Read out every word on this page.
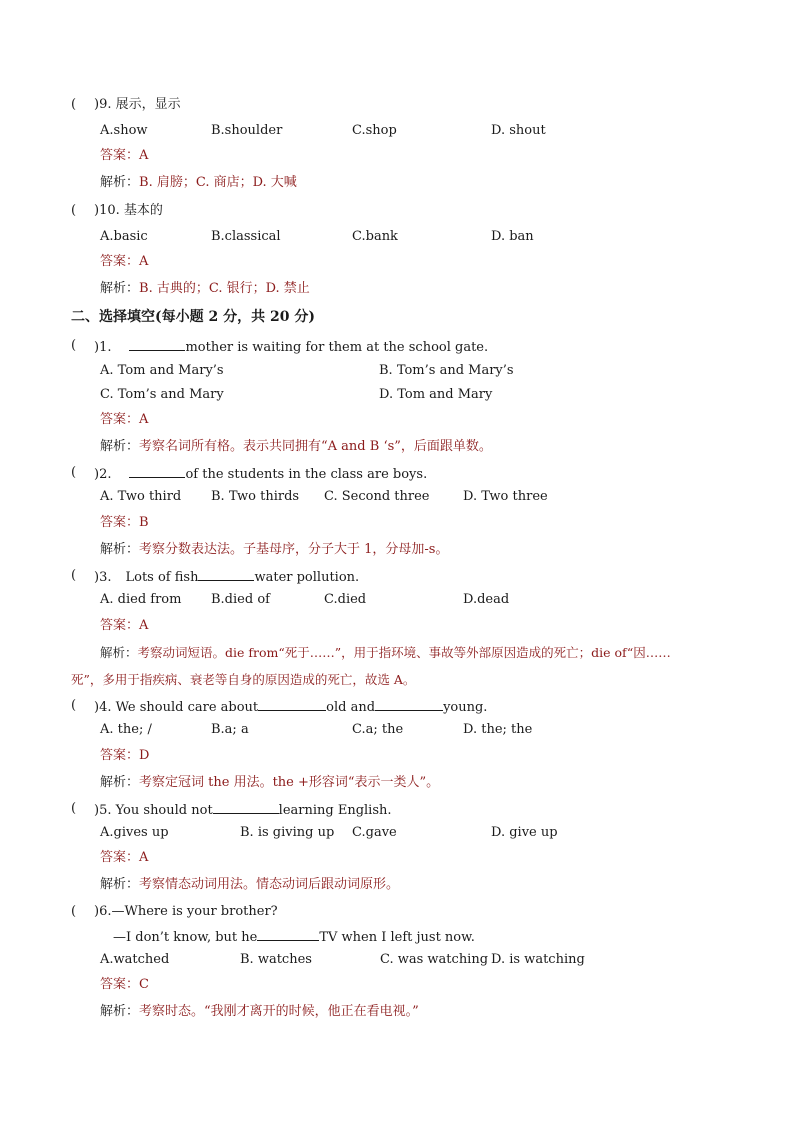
( )9. 展示，显示
A.show	B.shoulder	C.shop	D. shout
答案：A
解析：B. 肩膀；C. 商店；D. 大喊
( )10. 基本的
A.basic	B.classical	C.bank	D. ban
答案：A
解析：B. 古典的；C. 银行；D. 禁止
二、选择填空(每小题 2 分，共 20 分)
( )1.	mother is waiting for them at the school gate.
A. Tom and Mary’s	B. Tom’s and Mary’s
C. Tom’s and Mary	D. Tom and Mary
答案：A
解析：考察名词所有格。表示共同拥有“A and B ‘s”，后面跟单数。
( )2.	of the students in the class are boys.
A. Two third B. Two thirds C. Second three	D. Two three
答案：B
解析：考察分数表达法。子基母序，分子大于 1，分母加-s。
( )3. Lots of fish	water pollution.
A. died from B.died of	C.died	D.dead
答案：A
解析：考察动词短语。die from“死于……”，用于指环境、事故等外部原因造成的死亡；die of“因……
死”，多用于指疾病、衰老等自身的原因造成的死亡，故选 A。
( )4. We should care about	old and	young.
A. the; /	B.a; a	C.a; the	D. the; the
答案：D
解析：考察定冠词 the 用法。the +形容词“表示一类人”。
( )5. You should not	learning English.
A.gives up	B. is giving up C.gave	D. give up
答案：A
解析：考察情态动词用法。情态动词后跟动词原形。
( )6.—Where is your brother?
—I don’t know, but he	TV when I left just now.
A.watched	B. watches	C. was watching D. is watching
答案：C
解析：考察时态。“我刚才离开的时候，他正在看电视。”
